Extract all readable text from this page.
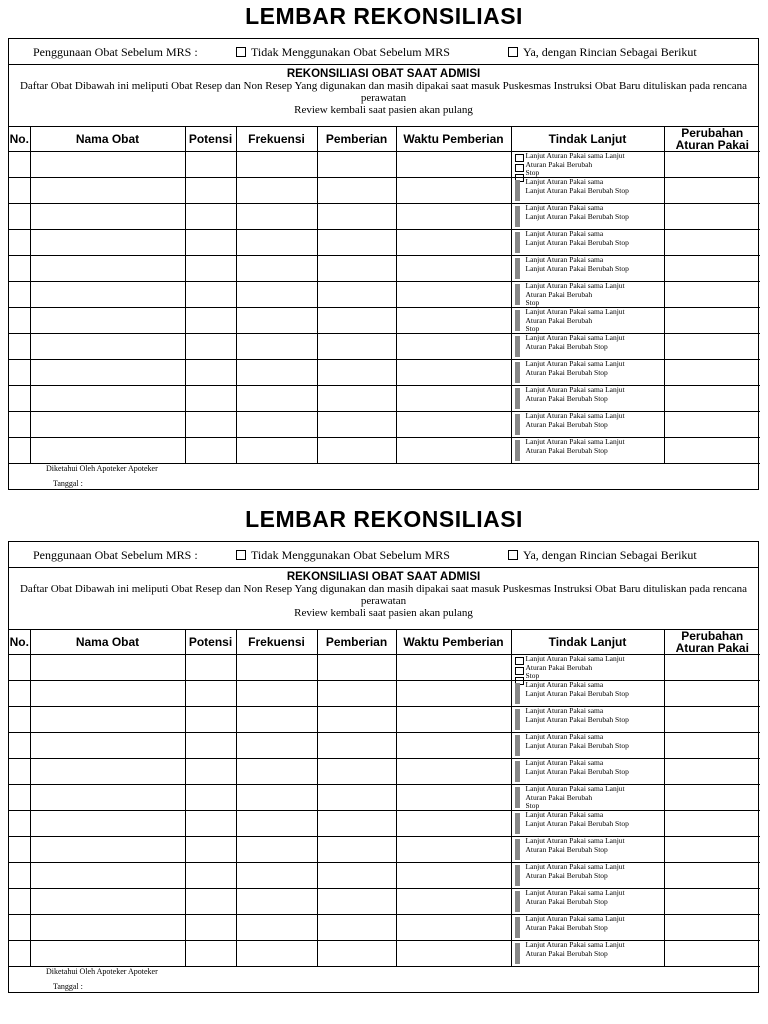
LEMBAR REKONSILIASI
Penggunaan Obat Sebelum MRS :	Tidak Menggunakan Obat Sebelum MRS	Ya, dengan Rincian Sebagai Berikut
REKONSILIASI OBAT SAAT ADMISI
Daftar Obat Dibawah ini meliputi Obat Resep dan Non Resep Yang digunakan dan masih dipakai saat masuk Puskesmas Instruksi Obat Baru dituliskan pada rencana perawatan
Review kembali saat pasien akan pulang
No.	Nama Obat	Potensi	Frekuensi	Pemberian	Waktu Pemberian	Tindak Lanjut	Perubahan Aturan Pakai

						Lanjut Aturan Pakai sama Lanjut
Aturan Pakai Berubah
Stop	

						Lanjut Aturan Pakai sama
Lanjut Aturan Pakai Berubah Stop	

						Lanjut Aturan Pakai sama
Lanjut Aturan Pakai Berubah Stop	

						Lanjut Aturan Pakai sama
Lanjut Aturan Pakai Berubah Stop	

						Lanjut Aturan Pakai sama
Lanjut Aturan Pakai Berubah Stop	

						Lanjut Aturan Pakai sama Lanjut
Aturan Pakai Berubah
Stop	

						Lanjut Aturan Pakai sama Lanjut
Aturan Pakai Berubah
Stop	

						Lanjut Aturan Pakai sama Lanjut
Aturan Pakai Berubah Stop	

						Lanjut Aturan Pakai sama Lanjut
Aturan Pakai Berubah Stop	

						Lanjut Aturan Pakai sama Lanjut
Aturan Pakai Berubah Stop	

						Lanjut Aturan Pakai sama Lanjut
Aturan Pakai Berubah Stop	

						Lanjut Aturan Pakai sama Lanjut
Aturan Pakai Berubah Stop	

Diketahui Oleh Apoteker Apoteker
Tanggal :
LEMBAR REKONSILIASI
Penggunaan Obat Sebelum MRS :	Tidak Menggunakan Obat Sebelum MRS	Ya, dengan Rincian Sebagai Berikut
REKONSILIASI OBAT SAAT ADMISI
Daftar Obat Dibawah ini meliputi Obat Resep dan Non Resep Yang digunakan dan masih dipakai saat masuk Puskesmas Instruksi Obat Baru dituliskan pada rencana perawatan
Review kembali saat pasien akan pulang
No.	Nama Obat	Potensi	Frekuensi	Pemberian	Waktu Pemberian	Tindak Lanjut	Perubahan Aturan Pakai

						Lanjut Aturan Pakai sama Lanjut
Aturan Pakai Berubah
Stop	

						Lanjut Aturan Pakai sama
Lanjut Aturan Pakai Berubah Stop	

						Lanjut Aturan Pakai sama
Lanjut Aturan Pakai Berubah Stop	

						Lanjut Aturan Pakai sama
Lanjut Aturan Pakai Berubah Stop	

						Lanjut Aturan Pakai sama
Lanjut Aturan Pakai Berubah Stop	

						Lanjut Aturan Pakai sama Lanjut
Aturan Pakai Berubah
Stop	

						Lanjut Aturan Pakai sama
Lanjut Aturan Pakai Berubah Stop	

						Lanjut Aturan Pakai sama Lanjut
Aturan Pakai Berubah Stop	

						Lanjut Aturan Pakai sama Lanjut
Aturan Pakai Berubah Stop	

						Lanjut Aturan Pakai sama Lanjut
Aturan Pakai Berubah Stop	

						Lanjut Aturan Pakai sama Lanjut
Aturan Pakai Berubah Stop	

						Lanjut Aturan Pakai sama Lanjut
Aturan Pakai Berubah Stop	

Diketahui Oleh Apoteker Apoteker
Tanggal :
